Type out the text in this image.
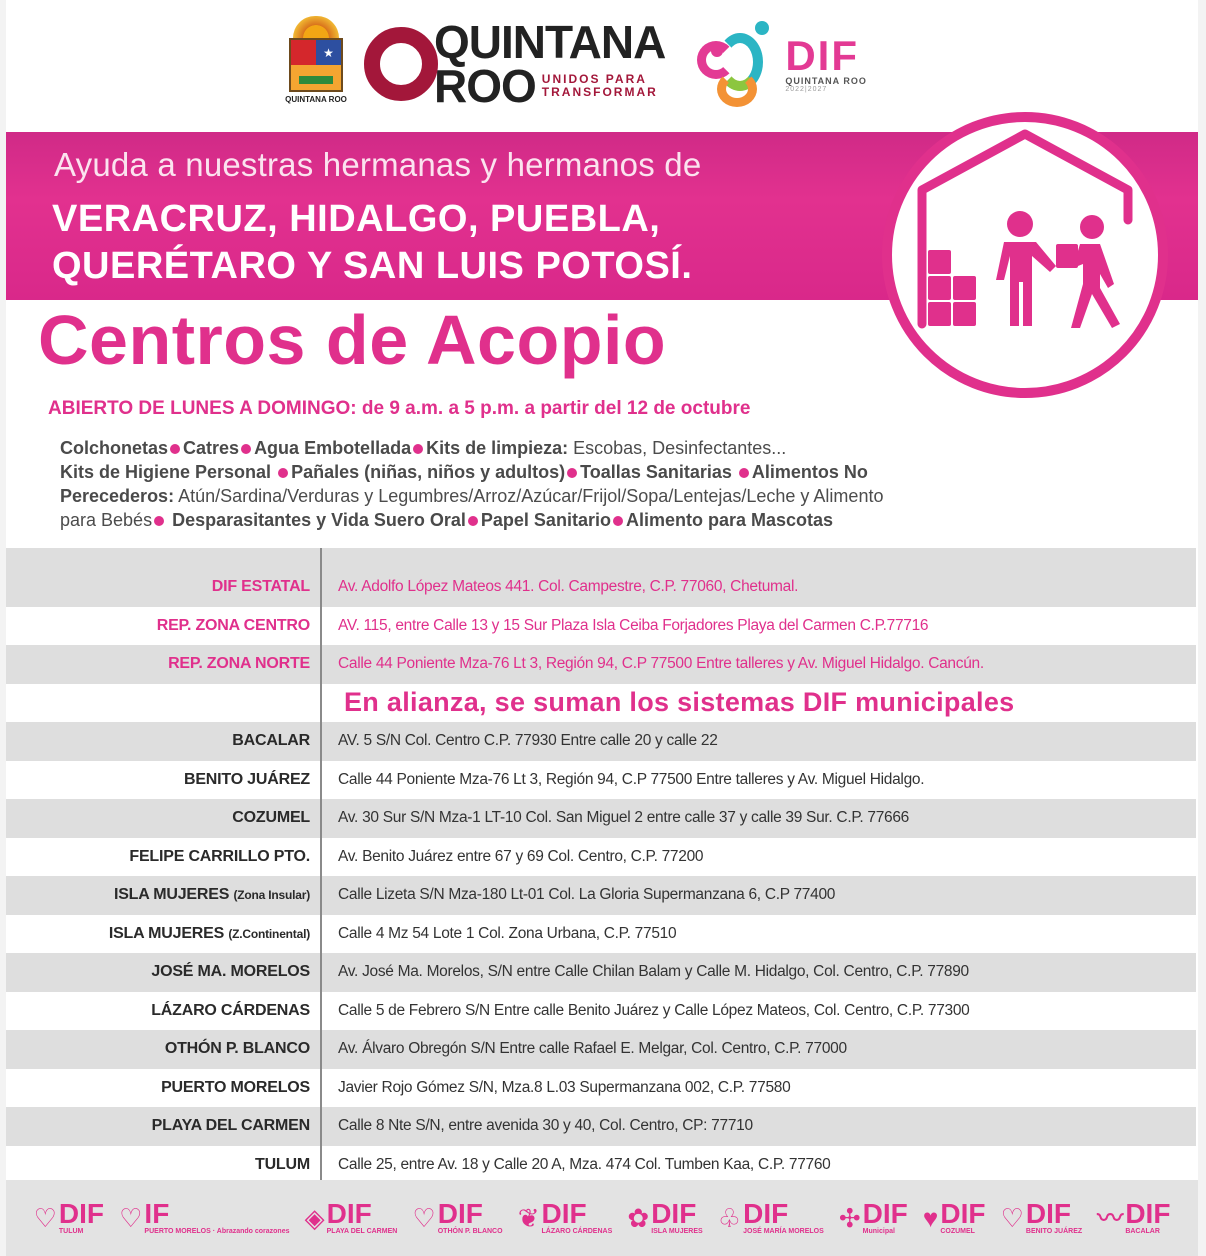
★
QUINTANA ROO
QUINTANA
ROO UNIDOS PARA
TRANSFORMAR
DIF
QUINTANA ROO
2022|2027
Ayuda a nuestras hermanas y hermanos de
VERACRUZ, HIDALGO, PUEBLA,
QUERÉTARO Y SAN LUIS POTOSÍ.
Centros de Acopio
ABIERTO DE LUNES A DOMINGO: de 9 a.m. a 5 p.m. a partir del 12 de octubre
Colchonetas Catres Agua Embotellada Kits de limpieza: Escobas, Desinfectantes...
Kits de Higiene Personal Pañales (niñas, niños y adultos) Toallas Sanitarias Alimentos No
Perecederos: Atún/Sardina/Verduras y Legumbres/Arroz/Azúcar/Frijol/Sopa/Lentejas/Leche y Alimento
para Bebés Desparasitantes y Vida Suero Oral Papel Sanitario Alimento para Mascotas
DIF ESTATAL	Av. Adolfo López Mateos 441. Col. Campestre, C.P. 77060, Chetumal.
REP. ZONA CENTRO	AV. 115, entre Calle 13 y 15 Sur Plaza Isla Ceiba Forjadores Playa del Carmen C.P.77716
REP. ZONA NORTE	Calle 44 Poniente Mza-76 Lt 3, Región 94, C.P 77500 Entre talleres y Av. Miguel Hidalgo. Cancún.
En alianza, se suman los sistemas DIF municipales
BACALAR	AV. 5 S/N Col. Centro C.P. 77930 Entre calle 20 y calle 22
BENITO JUÁREZ	Calle 44 Poniente Mza-76 Lt 3, Región 94, C.P 77500 Entre talleres y Av. Miguel Hidalgo.
COZUMEL	Av. 30 Sur S/N Mza-1 LT-10 Col. San Miguel 2 entre calle 37 y calle 39 Sur. C.P. 77666
FELIPE CARRILLO PTO.	Av. Benito Juárez entre 67 y 69 Col. Centro, C.P. 77200
ISLA MUJERES (Zona Insular)	Calle Lizeta S/N Mza-180 Lt-01 Col. La Gloria Supermanzana 6, C.P 77400
ISLA MUJERES (Z.Continental)	Calle 4 Mz 54 Lote 1 Col. Zona Urbana, C.P. 77510
JOSÉ MA. MORELOS	Av. José Ma. Morelos, S/N entre Calle Chilan Balam y Calle M. Hidalgo, Col. Centro, C.P. 77890
LÁZARO CÁRDENAS	Calle 5 de Febrero S/N Entre calle Benito Juárez y Calle López Mateos, Col. Centro, C.P. 77300
OTHÓN P. BLANCO	Av. Álvaro Obregón S/N Entre calle Rafael E. Melgar, Col. Centro, C.P. 77000
PUERTO MORELOS	Javier Rojo Gómez S/N, Mza.8 L.03 Supermanzana 002, C.P. 77580
PLAYA DEL CARMEN	Calle 8 Nte S/N, entre avenida 30 y 40, Col. Centro, CP: 77710
TULUM	Calle 25, entre Av. 18 y Calle 20 A, Mza. 474 Col. Tumben Kaa, C.P. 77760
♡ DIF
TULUM ♡ IF
PUERTO MORELOS · Abrazando corazones ◈ DIF
PLAYA DEL CARMEN ♡ DIF
OTHÓN P. BLANCO ❦ DIF
LÁZARO CÁRDENAS ✿ DIF
ISLA MUJERES ♧ DIF
JOSÉ MARÍA MORELOS ✣ DIF
Municipal ♥ DIF
COZUMEL ♡ DIF
BENITO JUÁREZ 〰 DIF
BACALAR
